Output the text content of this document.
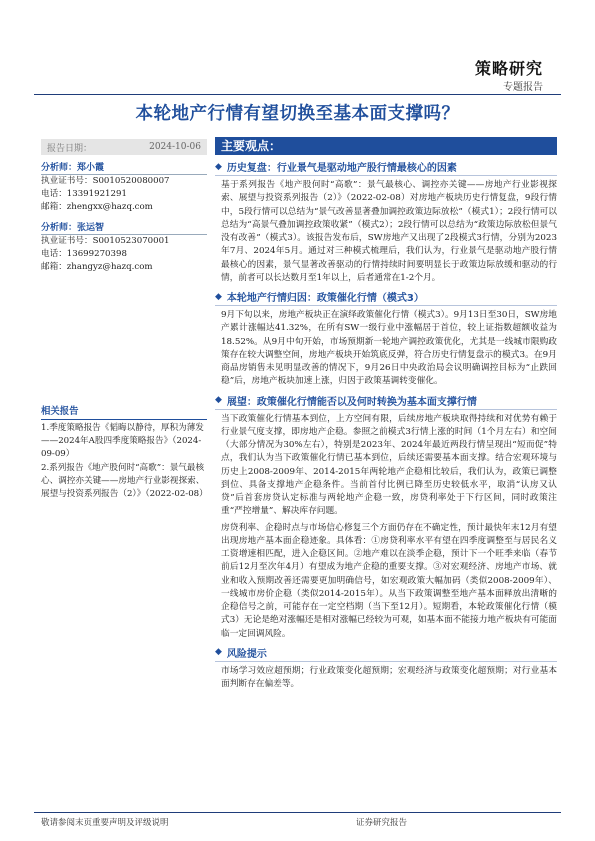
策略研究
专题报告
本轮地产行情有望切换至基本面支撑吗？
报告日期：	2024-10-06
分析师：郑小霞
执业证书号：S0010520080007
电话：13391921291
邮箱：zhengxx@hazq.com
分析师：张运智
执业证书号：S0010523070001
电话：13699270398
邮箱：zhangyz@hazq.com
相关报告
1.季度策略报告《韬晦以静待，厚积为薄发——2024年A股四季度策略报告》（2024-09-09）
2.系列报告《地产股何时“高歌”：景气最核心、调控亦关键——房地产行业影视探索、展望与投资系列报告（2）》（2022-02-08）
主要观点：
◆ 历史复盘：行业景气是驱动地产股行情最核心的因素

基于系列报告《地产股何时“高歌”：景气最核心、调控亦关键——房地产行业影视探索、展望与投资系列报告（2）》（2022-02-08）对房地产板块历史行情复盘，9段行情中，5段行情可以总结为“景气改善显著叠加调控政策边际放松”（模式1）；2段行情可以总结为“高景气叠加调控政策收紧”（模式2）；2段行情可以总结为“政策边际放松但景气没有改善”（模式3）。该报告发布后，SW房地产又出现了2段模式3行情，分别为2023年7月、2024年5月。通过对三种模式梳理后，我们认为，行业景气是驱动地产股行情最核心的因素，景气显著改善驱动的行情持续时间要明显长于政策边际放缓和驱动的行情，前者可以长达数月至1年以上，后者通常在1-2个月。

◆ 本轮地产行情归因：政策催化行情（模式3）

9月下旬以来，房地产板块正在演绎政策催化行情（模式3）。9月13日至30日，SW房地产累计涨幅达41.32%，在所有SW一级行业中涨幅居于首位，较上证指数超额收益为18.52%。从9月中旬开始，市场预期新一轮地产调控政策优化，尤其是一线城市限购政策存在较大调整空间，房地产板块开始筑底反弹，符合历史行情复盘示的模式3。在9月商品房销售未见明显改善的情况下，9月26日中央政治局会议明确调控目标为“止跌回稳”后，房地产板块加速上涨，归因于政策基调转变催化。

◆ 展望：政策催化行情能否以及何时转换为基本面支撑行情

当下政策催化行情基本到位，上方空间有限，后续房地产板块取得持续和对优势有赖于行业景气度支撑，即房地产企稳。参照之前模式3行情上涨的时间（1个月左右）和空间（大部分情况为30%左右），特别是2023年、2024年最近两段行情呈现出“短而促”特点，我们认为当下政策催化行情已基本到位，后续还需要基本面支撑。结合宏观环境与历史上2008-2009年、2014-2015年两轮地产企稳相比较后，我们认为，政策已调整到位、具备支撑地产企稳条件。当前首付比例已降至历史较低水平，取消“认房又认贷”后首套房贷认定标准与两轮地产企稳一致，房贷利率处于下行区间，同时政策注重“严控增量”、解决库存问题。

房贷利率、企稳时点与市场信心修复三个方面仍存在不确定性，预计最快年末12月有望出现房地产基本面企稳迹象。具体看：①房贷利率水平有望在四季度调整至与居民名义工资增速相匹配，进入企稳区间。②地产难以在淡季企稳，预计下一个旺季来临（春节前后12月至次年4月）有望成为地产企稳的重要支撑。③对宏观经济、房地产市场、就业和收入预期改善还需要更加明确信号，如宏观政策大幅加码（类似2008-2009年）、一线城市房价企稳（类似2014-2015年）。从当下政策调整至地产基本面释放出清晰的企稳信号之前，可能存在一定空档期（当下至12月）。短期看，本轮政策催化行情（模式3）无论是绝对涨幅还是相对涨幅已经较为可观，如基本面不能接力地产板块有可能面临一定回调风险。

◆ 风险提示

市场学习效应超预期；行业政策变化超预期；宏观经济与政策变化超预期；对行业基本面判断存在偏差等。

敬请参阅末页重要声明及评级说明	证券研究报告
